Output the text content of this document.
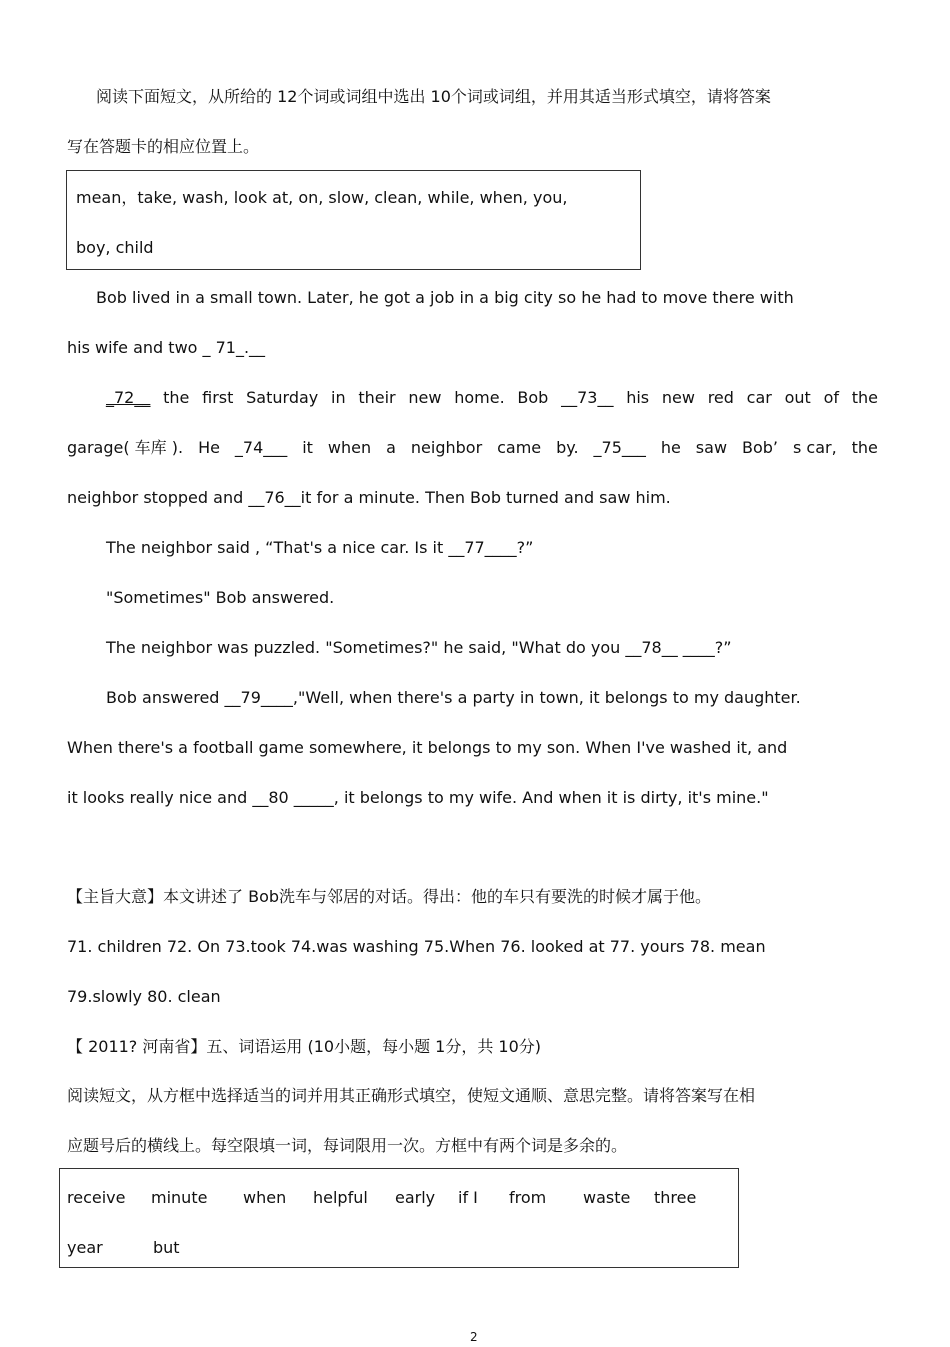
阅读下面短文，从所给的 12个词或词组中选出 10个词或词组，并用其适当形式填空，请将答案
写在答题卡的相应位置上。
mean，take, wash, look at, on, slow, clean, while, when, you,
boy, child
Bob lived in a small town. Later, he got a job in a big city so he had to move there with
his wife and two _ 71_.__
_72__ the first Saturday in their new home. Bob __73__ his new red car out of the
garage( 车库 ). He _74___ it when a neighbor came by. _75___ he saw Bob’ s car, the
neighbor stopped and __76__it for a minute. Then Bob turned and saw him.
The neighbor said , “That's a nice car. Is it __77____?”
"Sometimes" Bob answered.
The neighbor was puzzled. "Sometimes?" he said, "What do you __78__ ____?”
Bob answered __79____,"Well, when there's a party in town, it belongs to my daughter.
When there's a football game somewhere, it belongs to my son. When I've washed it, and
it looks really nice and __80 _____, it belongs to my wife. And when it is dirty, it's mine."
【主旨大意】本文讲述了 Bob洗车与邻居的对话。得出：他的车只有要洗的时候才属于他。
71. children 72. On 73.took 74.was washing 75.When 76. looked at 77. yours 78. mean
79.slowly 80. clean
【 2011? 河南省】五、词语运用 (10小题，每小题 1分，共 10分)
阅读短文，从方框中选择适当的词并用其正确形式填空，使短文通顺、意思完整。请将答案写在相
应题号后的横线上。每空限填一词，每词限用一次。方框中有两个词是多余的。
receive minute when helpful early if I from waste three
year	but
2
